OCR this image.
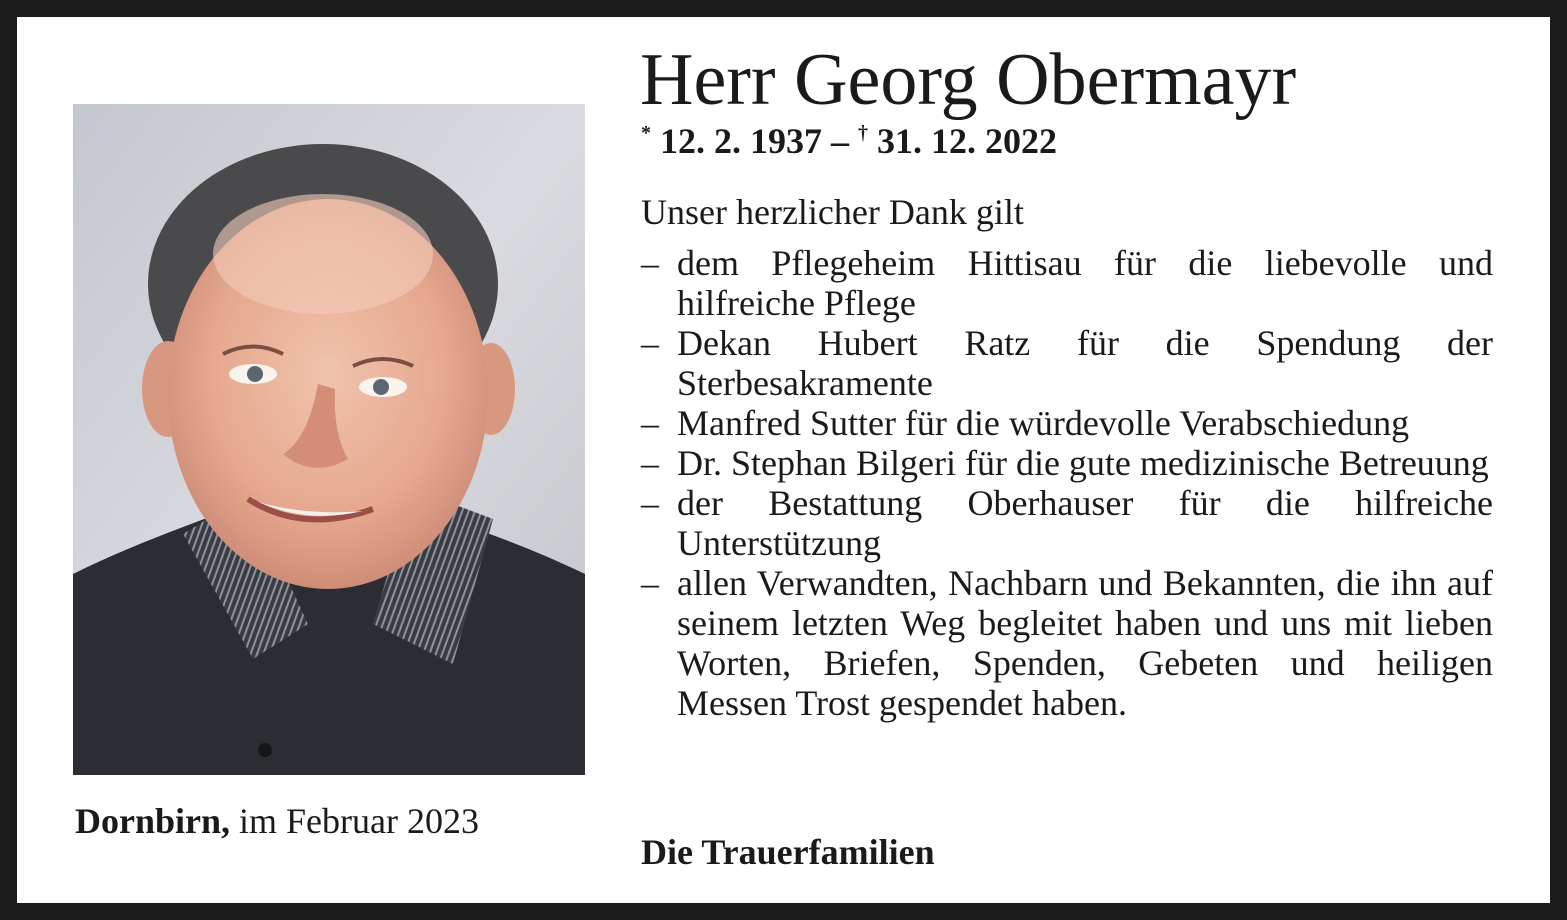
Dornbirn, im Februar 2023
Herr Georg Obermayr
* 12. 2. 1937 – † 31. 12. 2022
Unser herzlicher Dank gilt
– dem Pflegeheim Hittisau für die liebevolle und hilfreiche Pflege
– Dekan Hubert Ratz für die Spendung der Sterbesakramente
– Manfred Sutter für die würdevolle Verabschiedung
– Dr. Stephan Bilgeri für die gute medizinische Betreuung
– der Bestattung Oberhauser für die hilfreiche Unterstützung
– allen Verwandten, Nachbarn und Bekannten, die ihn auf seinem letzten Weg begleitet haben und uns mit lieben Worten, Briefen, Spenden, Gebeten und heiligen Messen Trost gespendet haben.
Die Trauerfamilien
